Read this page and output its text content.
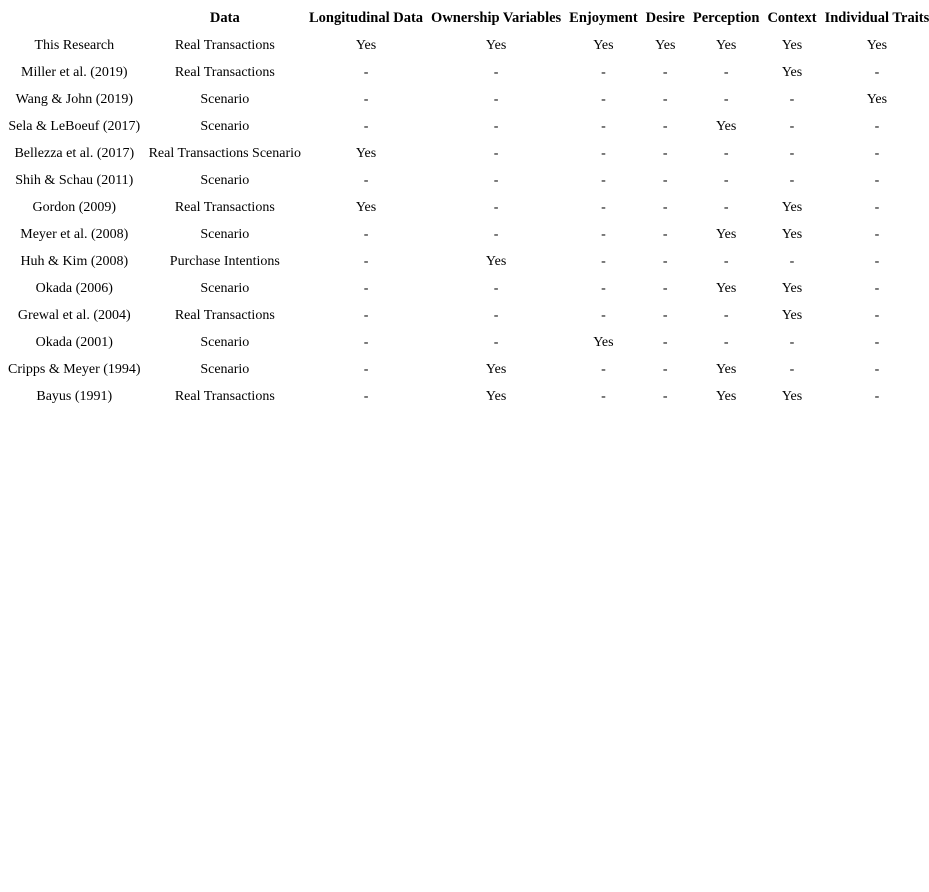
	Data	Longitudinal Data	Ownership Variables	Enjoyment	Desire	Perception	Context	Individual Traits
This Research	Real Transactions	Yes	Yes	Yes	Yes	Yes	Yes	Yes
Miller et al. (2019)	Real Transactions	-	-	-	-	-	Yes	-
Wang & John (2019)	Scenario	-	-	-	-	-	-	Yes
Sela & LeBoeuf (2017)	Scenario	-	-	-	-	Yes	-	-
Bellezza et al. (2017)	Real Transactions Scenario	Yes	-	-	-	-	-	-
Shih & Schau (2011)	Scenario	-	-	-	-	-	-	-
Gordon (2009)	Real Transactions	Yes	-	-	-	-	Yes	-
Meyer et al. (2008)	Scenario	-	-	-	-	Yes	Yes	-
Huh & Kim (2008)	Purchase Intentions	-	Yes	-	-	-	-	-
Okada (2006)	Scenario	-	-	-	-	Yes	Yes	-
Grewal et al. (2004)	Real Transactions	-	-	-	-	-	Yes	-
Okada (2001)	Scenario	-	-	Yes	-	-	-	-
Cripps & Meyer (1994)	Scenario	-	Yes	-	-	Yes	-	-
Bayus (1991)	Real Transactions	-	Yes	-	-	Yes	Yes	-
